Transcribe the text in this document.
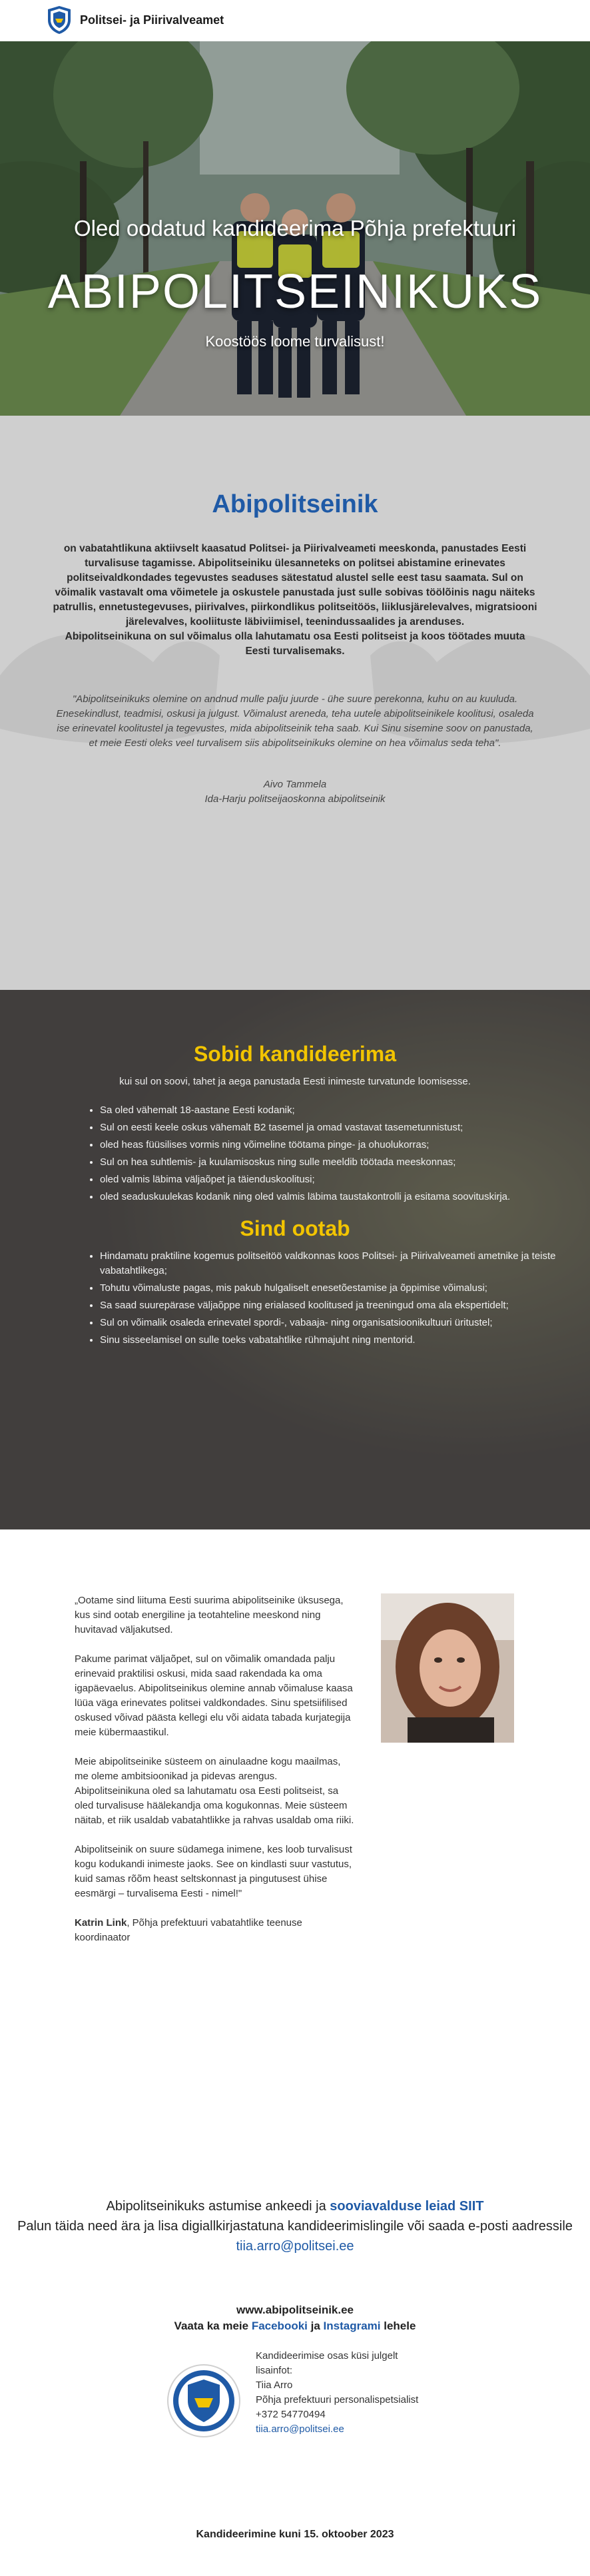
Politsei- ja Piirivalveamet
Oled oodatud kandideerima Põhja prefektuuri
ABIPOLITSEINIKUKS
Koostöös loome turvalisust!
Abipolitseinik
on vabatahtlikuna aktiivselt kaasatud Politsei- ja Piirivalveameti meeskonda, panustades Eesti turvalisuse tagamisse. Abipolitseiniku ülesanneteks on politsei abistamine erinevates politseivaldkondades tegevustes seaduses sätestatud alustel selle eest tasu saamata. Sul on võimalik vastavalt oma võimetele ja oskustele panustada just sulle sobivas töölõinis nagu näiteks patrullis, ennetustegevuses, piirivalves, piirkondlikus politseitöös, liiklusjärelevalves, migratsiooni järelevalves, kooliituste läbiviimisel, teenindussaalides ja arenduses.
Abipolitseinikuna on sul võimalus olla lahutamatu osa Eesti politseist ja koos töötades muuta Eesti turvalisemaks.
"Abipolitseinikuks olemine on andnud mulle palju juurde - ühe suure perekonna, kuhu on au kuuluda. Enesekindlust, teadmisi, oskusi ja julgust. Võimalust areneda, teha uutele abipolitseinikele koolitusi, osaleda ise erinevatel koolitustel ja tegevustes, mida abipolitseinik teha saab. Kui Sinu sisemine soov on panustada, et meie Eesti oleks veel turvalisem siis abipolitseinikuks olemine on hea võimalus seda teha".
Aivo Tammela
Ida-Harju politseijaoskonna abipolitseinik
Sobid kandideerima
kui sul on soovi, tahet ja aega panustada Eesti inimeste turvatunde loomisesse.
• Sa oled vähemalt 18-aastane Eesti kodanik;
• Sul on eesti keele oskus vähemalt B2 tasemel ja omad vastavat tasemetunnistust;
• oled heas füüsilises vormis ning võimeline töötama pinge- ja ohuolukorras;
• Sul on hea suhtlemis- ja kuulamisoskus ning sulle meeldib töötada meeskonnas;
• oled valmis läbima väljaõpet ja täienduskoolitusi;
• oled seaduskuulekas kodanik ning oled valmis läbima taustakontrolli ja esitama soovituskirja.
Sind ootab
• Hindamatu praktiline kogemus politseitöö valdkonnas koos Politsei- ja Piirivalveameti ametnike ja teiste vabatahtlikega;
• Tohutu võimaluste pagas, mis pakub hulgaliselt enesetõestamise ja õppimise võimalusi;
• Sa saad suurepärase väljaõppe ning erialased koolitused ja treeningud oma ala ekspertidelt;
• Sul on võimalik osaleda erinevatel spordi-, vabaaja- ning organisatsioonikultuuri üritustel;
• Sinu sisseelamisel on sulle toeks vabatahtlike rühmajuht ning mentorid.

„Ootame sind liituma Eesti suurima abipolitseinike üksusega, kus sind ootab energiline ja teotahteline meeskond ning huvitavad väljakutsed.

Pakume parimat väljaõpet, sul on võimalik omandada palju erinevaid praktilisi oskusi, mida saad rakendada ka oma igapäevaelus. Abipolitseinikus olemine annab võimaluse kaasa lüüa väga erinevates politsei valdkondades. Sinu spetsiifilised oskused võivad päästa kellegi elu või aidata tabada kurjategija meie kübermaastikul.

Meie abipolitseinike süsteem on ainulaadne kogu maailmas, me oleme ambitsioonikad ja pidevas arengus. Abipolitseinikuna oled sa lahutamatu osa Eesti politseist, sa oled turvalisuse häälekandja oma kogukonnas. Meie süsteem näitab, et riik usaldab vabatahtlikke ja rahvas usaldab oma riiki.

Abipolitseinik on suure südamega inimene, kes loob turvalisust kogu kodukandi inimeste jaoks. See on kindlasti suur vastutus, kuid samas rõõm heast seltskonnast ja pingutusest ühise eesmärgi – turvalisema Eesti - nimel!"

Katrin Link, Põhja prefektuuri vabatahtlike teenuse koordinaator

Abipolitseinikuks astumise ankeedi ja sooviavalduse leiad SIIT
Palun täida need ära ja lisa digiallkirjastatuna kandideerimislingile või saada e-posti aadressile tiia.arro@politsei.ee
www.abipolitseinik.ee
Vaata ka meie Facebooki ja Instagrami lehele
Kandideerimise osas küsi julgelt lisainfot:
Tiia Arro
Põhja prefektuuri personalispetsialist
+372 54770494
tiia.arro@politsei.ee
Kandideerimine kuni 15. oktoober 2023
